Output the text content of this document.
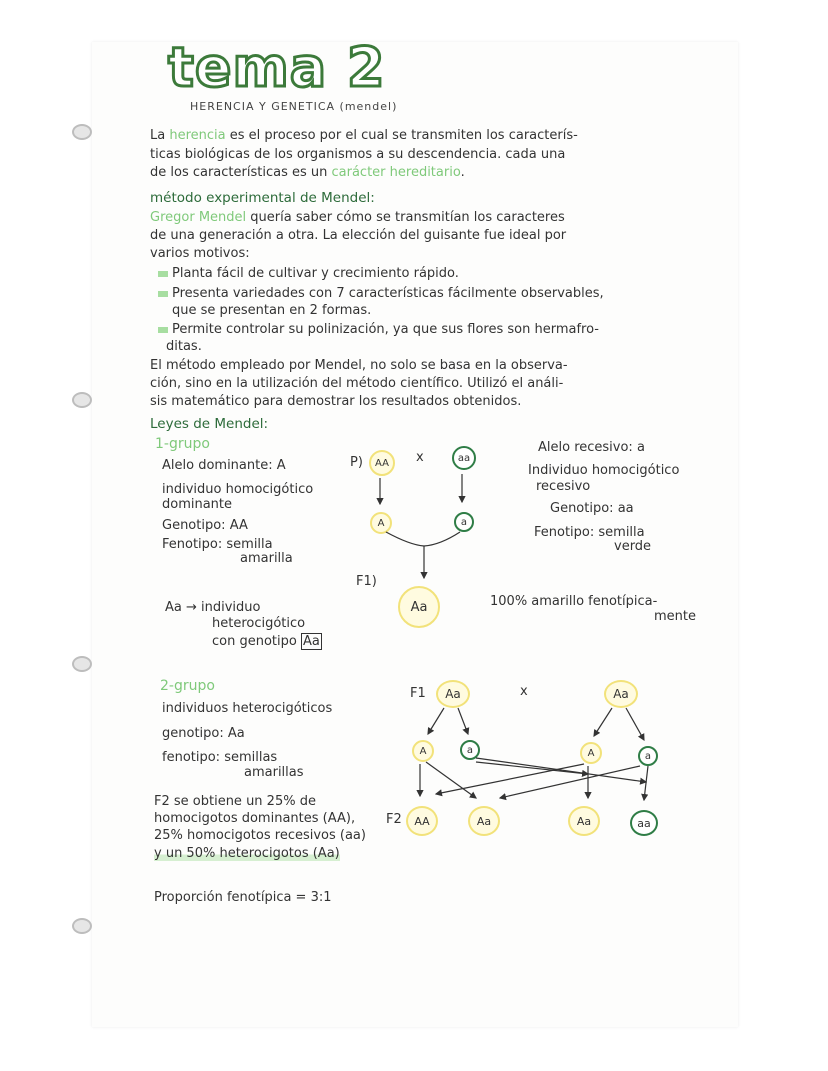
tema 2
HERENCIA Y GENETICA (mendel)
La herencia es el proceso por el cual se transmiten los caracterís-
ticas biológicas de los organismos a su descendencia. cada una
de los características es un carácter hereditario.
método experimental de Mendel:
Gregor Mendel quería saber cómo se transmitían los caracteres
de una generación a otra. La elección del guisante fue ideal por
varios motivos:
Planta fácil de cultivar y crecimiento rápido.
Presenta variedades con 7 características fácilmente observables,
que se presentan en 2 formas.
Permite controlar su polinización, ya que sus flores son hermafro-
ditas.
El método empleado por Mendel, no solo se basa en la observa-
ción, sino en la utilización del método científico. Utilizó el análi-
sis matemático para demostrar los resultados obtenidos.
Leyes de Mendel:
1-grupo
Alelo dominante: A
individuo homocigótico
dominante
Genotipo: AA
Fenotipo: semilla
amarilla
P)	x
AA	aa
A	a
F1)
Aa
Alelo recesivo: a
Individuo homocigótico
recesivo
Genotipo: aa
Fenotipo: semilla
verde
Aa → individuo
heterocigótico
con genotipo Aa
100% amarillo fenotípica-
mente
2-grupo
individuos heterocigóticos
genotipo: Aa
fenotipo: semillas
amarillas
F1	x
Aa	Aa
A	a	A	a
F2	AA	Aa	Aa	aa
F2 se obtiene un 25% de
homocigotos dominantes (AA),
25% homocigotos recesivos (aa)
y un 50% heterocigotos (Aa)
Proporción fenotípica = 3:1
